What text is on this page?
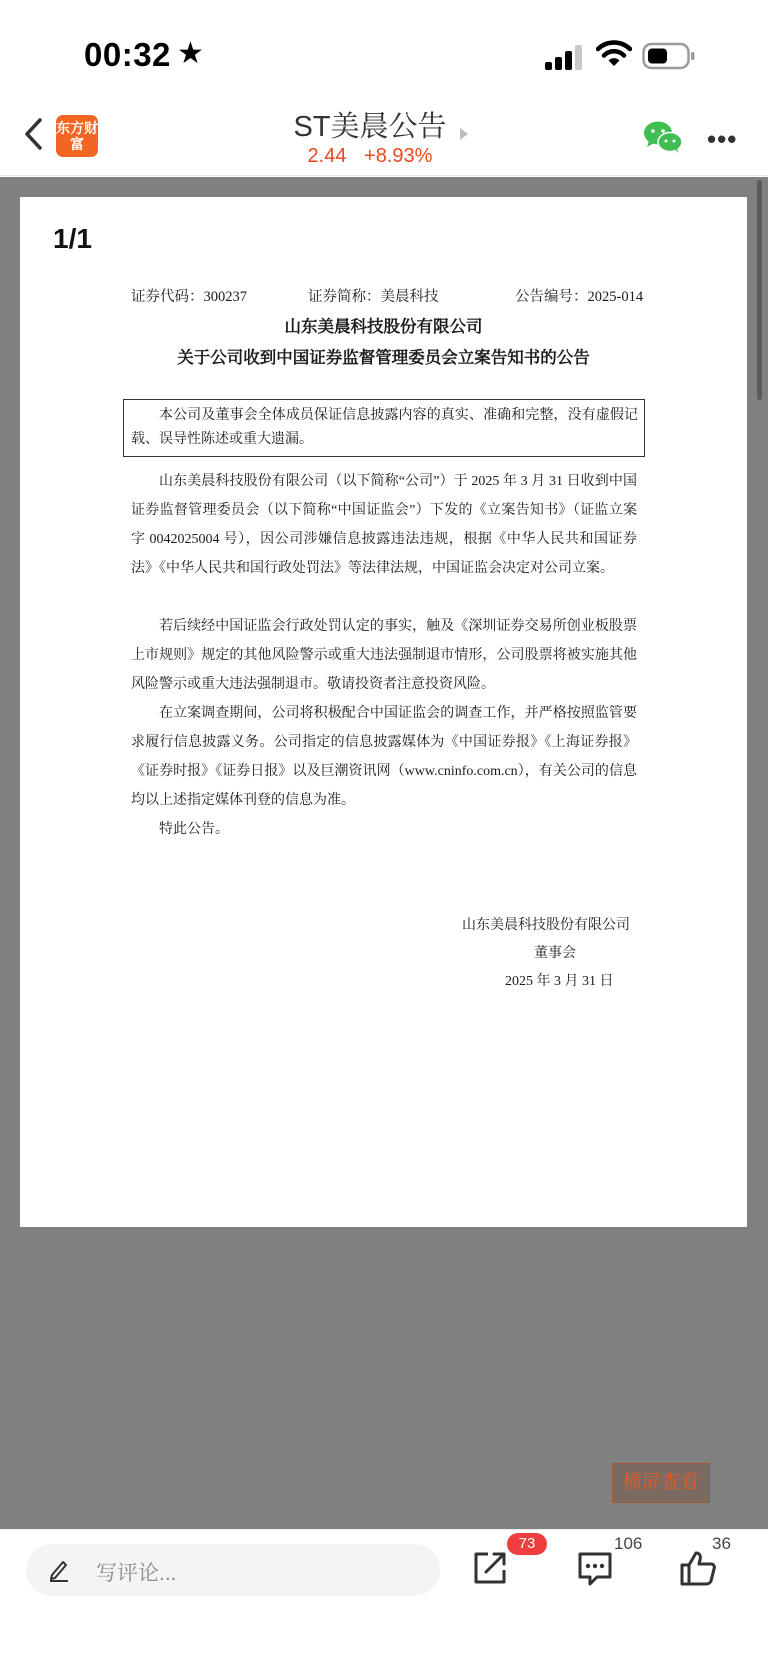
00:32 ★
东方财富
ST美晨公告
2.44 +8.93%
•••
1/1
证券代码：300237	证券简称：美晨科技	公告编号：2025-014
山东美晨科技股份有限公司
关于公司收到中国证券监督管理委员会立案告知书的公告
本公司及董事会全体成员保证信息披露内容的真实、准确和完整，没有虚假记载、误导性陈述或重大遗漏。

山东美晨科技股份有限公司（以下简称“公司”）于 2025 年 3 月 31 日收到中国证券监督管理委员会（以下简称“中国证监会”）下发的《立案告知书》（证监立案字 0042025004 号），因公司涉嫌信息披露违法违规，根据《中华人民共和国证券法》《中华人民共和国行政处罚法》等法律法规，中国证监会决定对公司立案。

若后续经中国证监会行政处罚认定的事实，触及《深圳证券交易所创业板股票上市规则》规定的其他风险警示或重大违法强制退市情形，公司股票将被实施其他风险警示或重大违法强制退市。敬请投资者注意投资风险。

在立案调查期间，公司将积极配合中国证监会的调查工作，并严格按照监管要求履行信息披露义务。公司指定的信息披露媒体为《中国证券报》《上海证券报》《证券时报》《证券日报》以及巨潮资讯网（www.cninfo.com.cn），有关公司的信息均以上述指定媒体刊登的信息为准。

特此公告。

山东美晨科技股份有限公司
董事会
2025 年 3 月 31 日
横屏查看
写评论...
73	106	36
